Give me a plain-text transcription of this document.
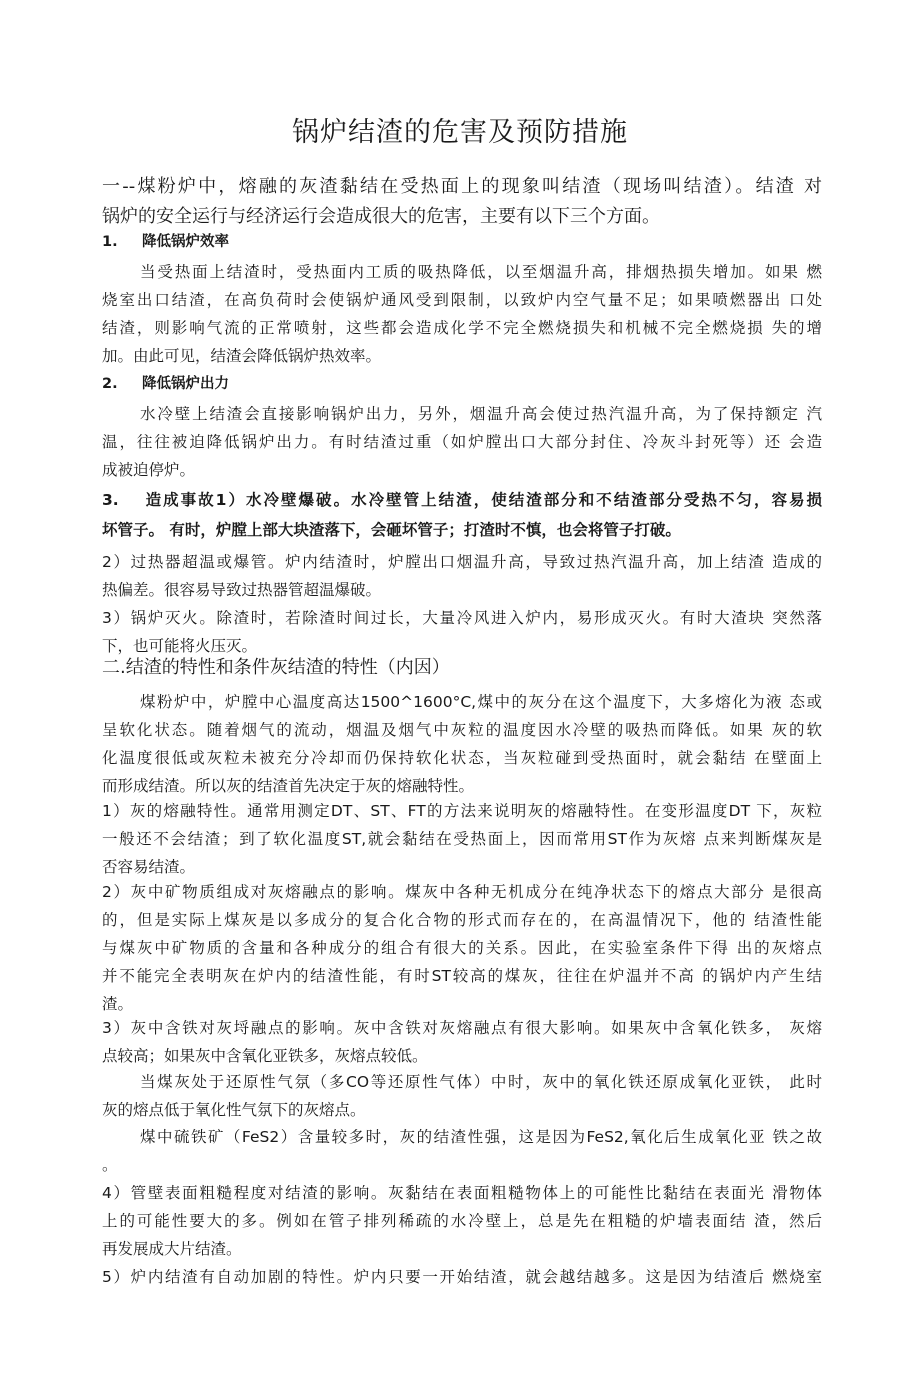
锅炉结渣的危害及预防措施
一--煤粉炉中，熔融的灰渣黏结在受热面上的现象叫结渣（现场叫结渣）。结渣 对
锅炉的安全运行与经济运行会造成很大的危害，主要有以下三个方面。
1. 降低锅炉效率
当受热面上结渣时，受热面内工质的吸热降低，以至烟温升高，排烟热损失增加。如果 燃
烧室出口结渣，在高负荷时会使锅炉通风受到限制，以致炉内空气量不足；如果喷燃器出 口处
结渣，则影响气流的正常喷射，这些都会造成化学不完全燃烧损失和机械不完全燃烧损 失的增
加。由此可见，结渣会降低锅炉热效率。
2. 降低锅炉出力
水冷壁上结渣会直接影响锅炉出力，另外，烟温升高会使过热汽温升高，为了保持额定 汽
温，往往被迫降低锅炉出力。有时结渣过重（如炉膛出口大部分封住、冷灰斗封死等）还 会造
成被迫停炉。
3.　 造成事故1）水冷壁爆破。水冷壁管上结渣，使结渣部分和不结渣部分受热不匀，容易损
坏管子。 有时，炉膛上部大块渣落下，会砸坏管子；打渣时不慎，也会将管子打破。
2）过热器超温或爆管。炉内结渣时，炉膛出口烟温升高，导致过热汽温升高，加上结渣 造成的
热偏差。很容易导致过热器管超温爆破。
3）锅炉灭火。除渣时，若除渣时间过长，大量冷风进入炉内，易形成灭火。有时大渣块 突然落
下，也可能将火压灭。
二.结渣的特性和条件灰结渣的特性（内因）
煤粉炉中，炉膛中心温度高达1500^1600°C,煤中的灰分在这个温度下，大多熔化为液 态或
呈软化状态。随着烟气的流动，烟温及烟气中灰粒的温度因水冷壁的吸热而降低。如果 灰的软
化温度很低或灰粒未被充分冷却而仍保持软化状态，当灰粒碰到受热面时，就会黏结 在壁面上
而形成结渣。所以灰的结渣首先决定于灰的熔融特性。
1）灰的熔融特性。通常用测定DT、ST、FT的方法来说明灰的熔融特性。在变形温度DT 下，灰粒
一般还不会结渣；到了软化温度ST,就会黏结在受热面上，因而常用ST作为灰熔 点来判断煤灰是
否容易结渣。
2）灰中矿物质组成对灰熔融点的影响。煤灰中各种无机成分在纯净状态下的熔点大部分 是很高
的，但是实际上煤灰是以多成分的复合化合物的形式而存在的，在高温情况下，他的 结渣性能
与煤灰中矿物质的含量和各种成分的组合有很大的关系。因此，在实验室条件下得 出的灰熔点
并不能完全表明灰在炉内的结渣性能，有时ST较高的煤灰，往往在炉温并不高 的锅炉内产生结
渣。
3）灰中含铁对灰埒融点的影响。灰中含铁对灰熔融点有很大影响。如果灰中含氧化铁多， 灰熔
点较高；如果灰中含氧化亚铁多，灰熔点较低。
当煤灰处于还原性气氛（多CO等还原性气体）中时，灰中的氧化铁还原成氧化亚铁， 此时
灰的熔点低于氧化性气氛下的灰熔点。
煤中硫铁矿（FeS2）含量较多时，灰的结渣性强，这是因为FeS2,氧化后生成氧化亚 铁之故
。
4）管壁表面粗糙程度对结渣的影响。灰黏结在表面粗糙物体上的可能性比黏结在表面光 滑物体
上的可能性要大的多。例如在管子排列稀疏的水冷壁上，总是先在粗糙的炉墙表面结 渣，然后
再发展成大片结渣。
5）炉内结渣有自动加剧的特性。炉内只要一开始结渣，就会越结越多。这是因为结渣后 燃烧室
